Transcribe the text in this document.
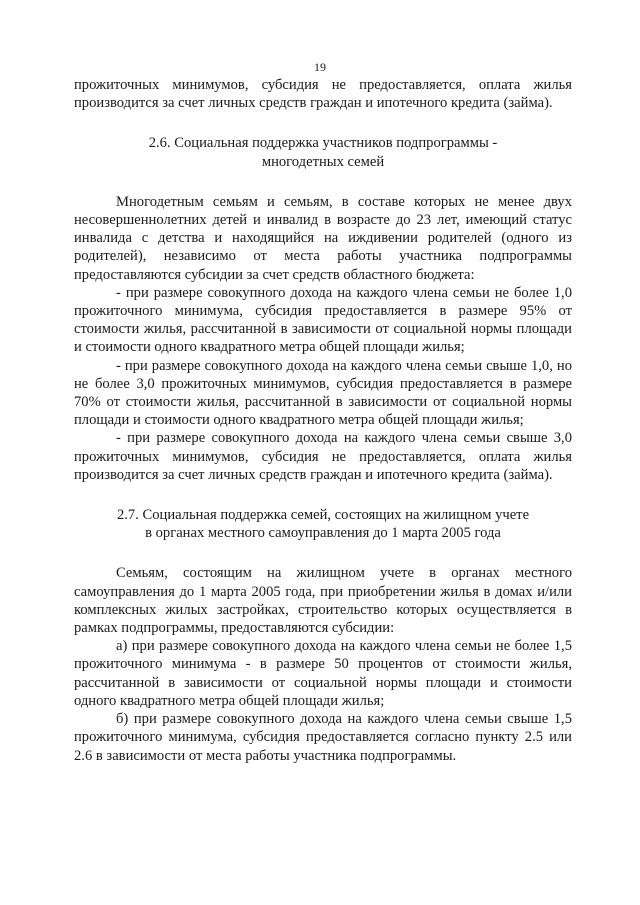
19

прожиточных минимумов, субсидия не предоставляется, оплата жилья производится за счет личных средств граждан и ипотечного кредита (займа).

2.6. Социальная поддержка участников подпрограммы -

многодетных семей

Многодетным семьям и семьям, в составе которых не менее двух несовершеннолетних детей и инвалид в возрасте до 23 лет, имеющий статус инвалида с детства и находящийся на иждивении родителей (одного из родителей), независимо от места работы участника подпрограммы предоставляются субсидии за счет средств областного бюджета:

- при размере совокупного дохода на каждого члена семьи не более 1,0 прожиточного минимума, субсидия предоставляется в размере 95% от стоимости жилья, рассчитанной в зависимости от социальной нормы площади и стоимости одного квадратного метра общей площади жилья;

- при размере совокупного дохода на каждого члена семьи свыше 1,0, но не более 3,0 прожиточных минимумов, субсидия предоставляется в размере 70% от стоимости жилья, рассчитанной в зависимости от социальной нормы площади и стоимости одного квадратного метра общей площади жилья;

- при размере совокупного дохода на каждого члена семьи свыше 3,0 прожиточных минимумов, субсидия не предоставляется, оплата жилья производится за счет личных средств граждан и ипотечного кредита (займа).

2.7. Социальная поддержка семей, состоящих на жилищном учете

в органах местного самоуправления до 1 марта 2005 года

Семьям, состоящим на жилищном учете в органах местного самоуправления до 1 марта 2005 года, при приобретении жилья в домах и/или комплексных жилых застройках, строительство которых осуществляется в рамках подпрограммы, предоставляются субсидии:

а) при размере совокупного дохода на каждого члена семьи не более 1,5 прожиточного минимума - в размере 50 процентов от стоимости жилья, рассчитанной в зависимости от социальной нормы площади и стоимости одного квадратного метра общей площади жилья;

б) при размере совокупного дохода на каждого члена семьи свыше 1,5 прожиточного минимума, субсидия предоставляется согласно пункту 2.5 или 2.6 в зависимости от места работы участника подпрограммы.
